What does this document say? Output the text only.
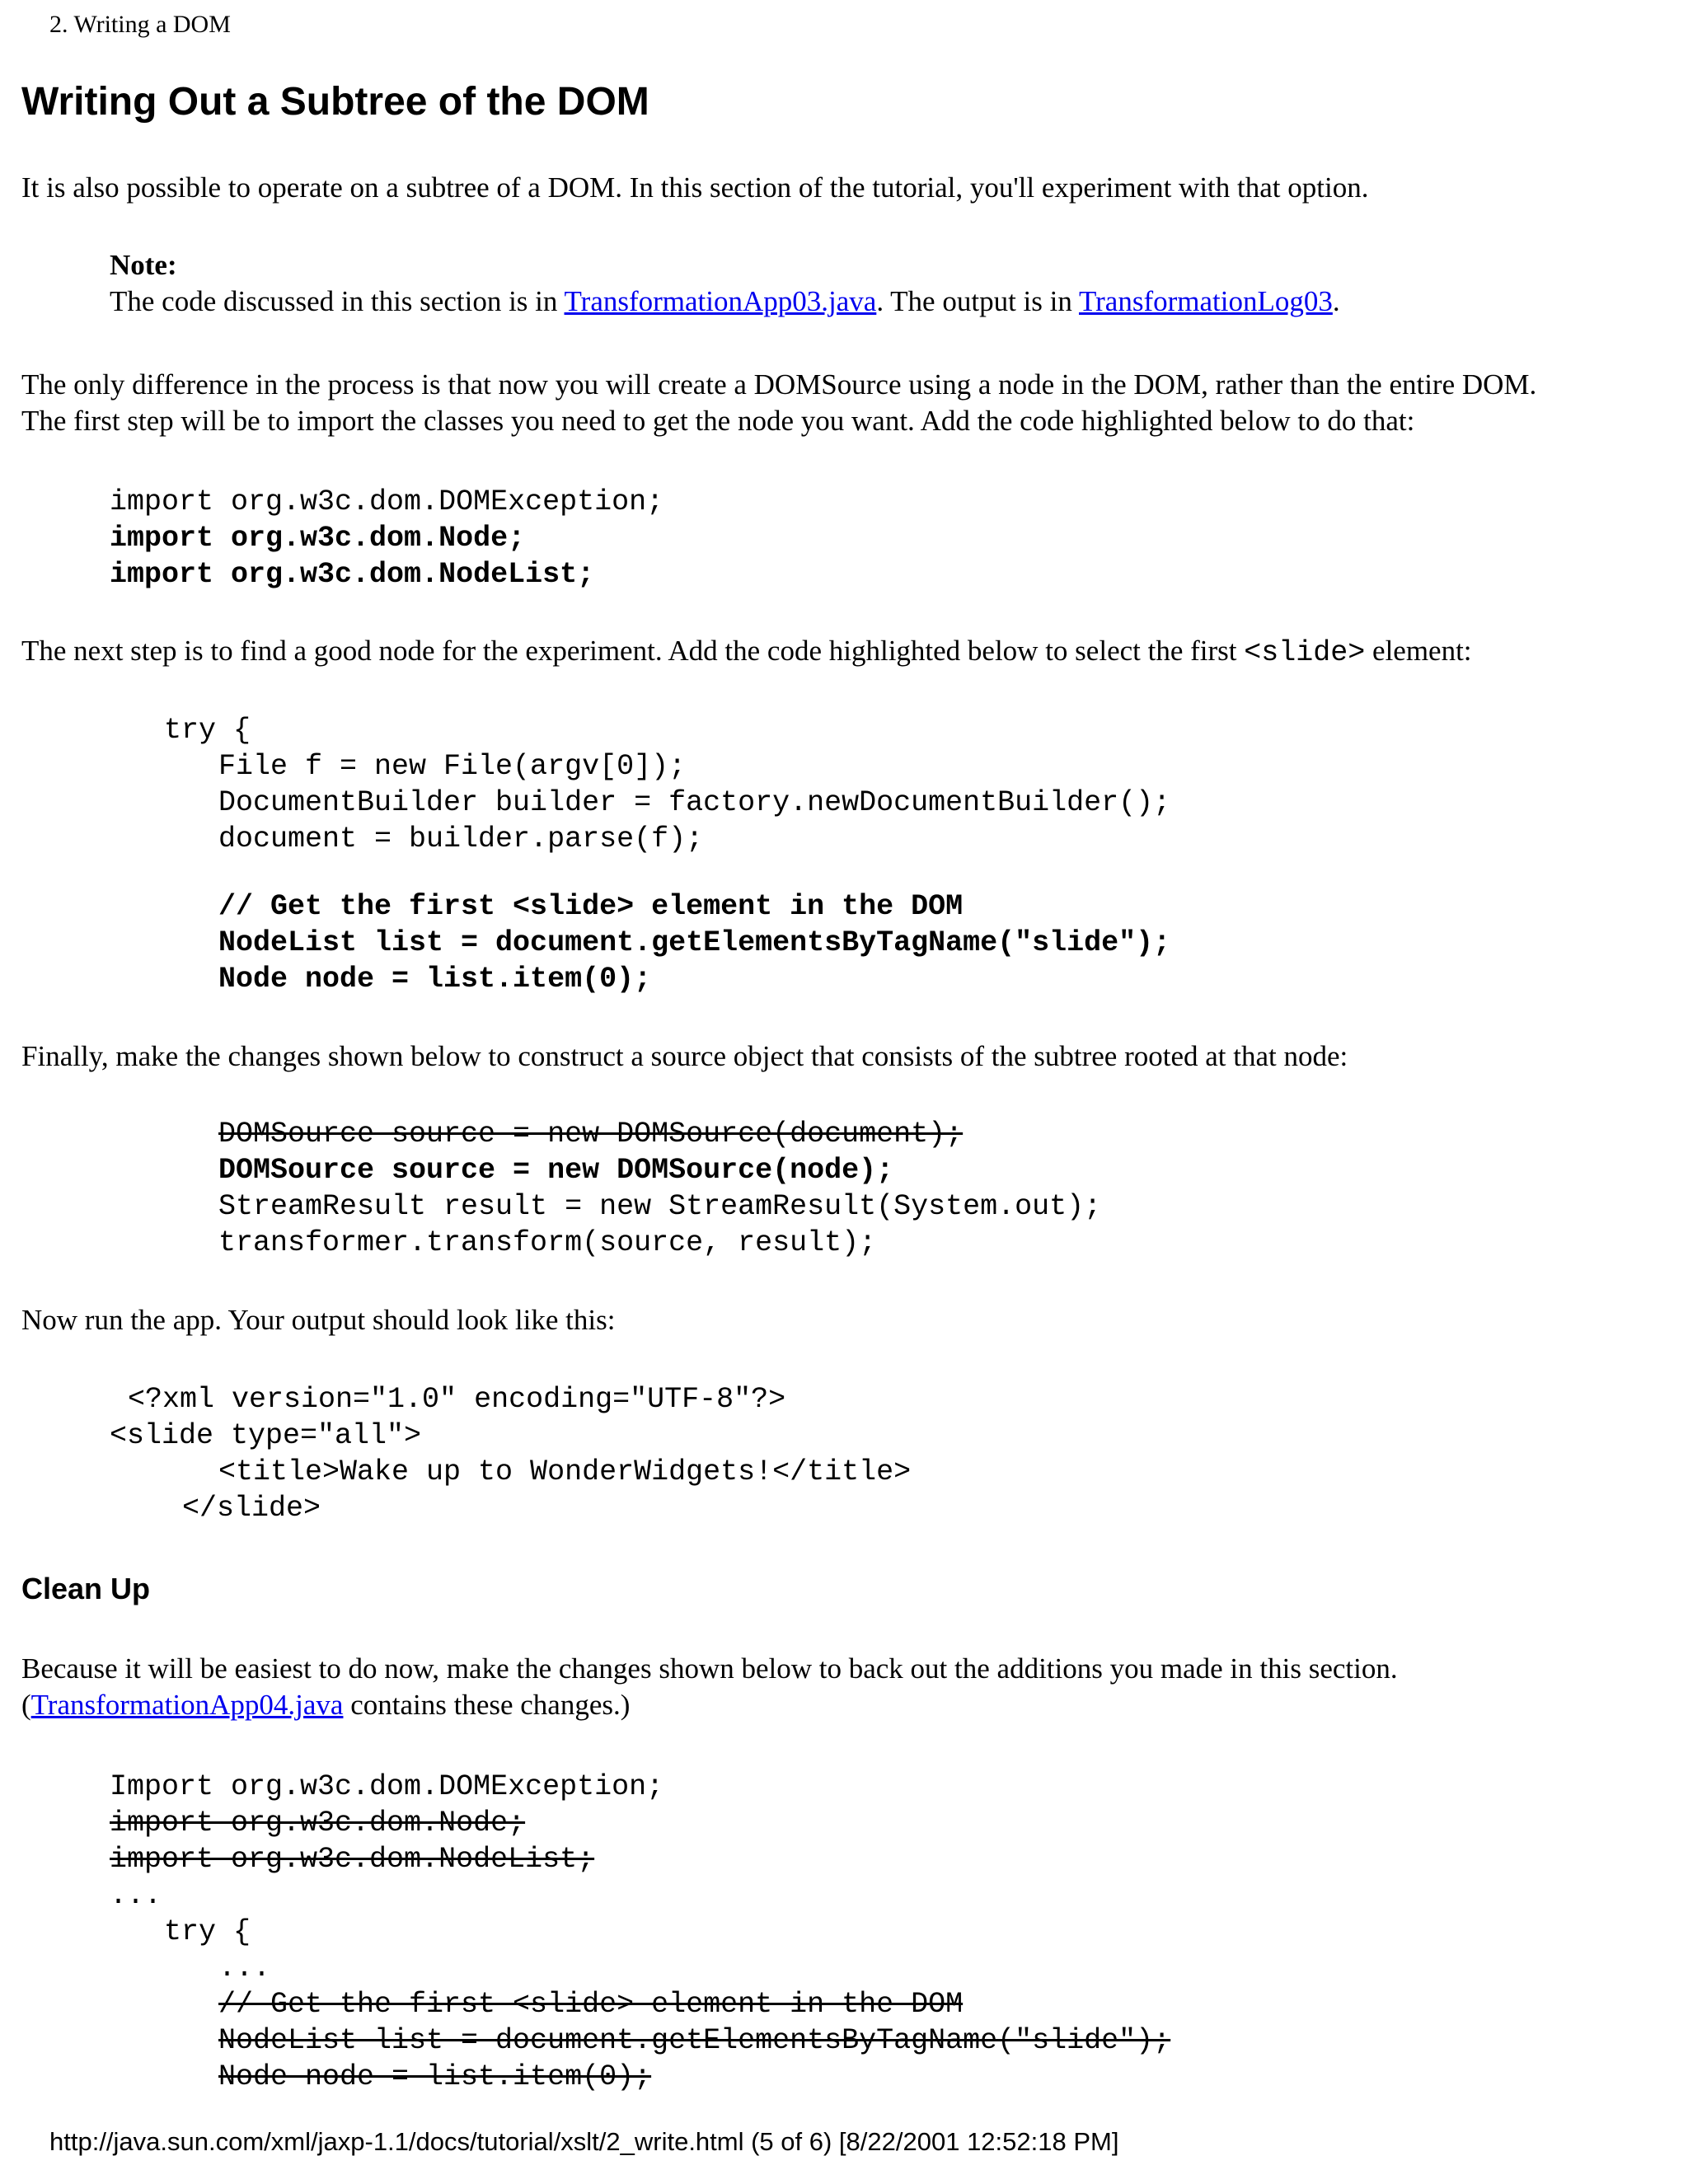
2. Writing a DOM
Writing Out a Subtree of the DOM
It is also possible to operate on a subtree of a DOM. In this section of the tutorial, you'll experiment with that option.
Note:
The code discussed in this section is in TransformationApp03.java. The output is in TransformationLog03.
The only difference in the process is that now you will create a DOMSource using a node in the DOM, rather than the entire DOM.
The first step will be to import the classes you need to get the node you want. Add the code highlighted below to do that:
import org.w3c.dom.DOMException;
import org.w3c.dom.Node;
import org.w3c.dom.NodeList;
The next step is to find a good node for the experiment. Add the code highlighted below to select the first <slide> element:
try {
File f = new File(argv[0]);
DocumentBuilder builder = factory.newDocumentBuilder();
document = builder.parse(f);
// Get the first <slide> element in the DOM
NodeList list = document.getElementsByTagName("slide");
Node node = list.item(0);
Finally, make the changes shown below to construct a source object that consists of the subtree rooted at that node:
DOMSource source = new DOMSource(document);
DOMSource source = new DOMSource(node);
StreamResult result = new StreamResult(System.out);
transformer.transform(source, result);
Now run the app. Your output should look like this:
<?xml version="1.0" encoding="UTF-8"?>
<slide type="all">
<title>Wake up to WonderWidgets!</title>
</slide>
Clean Up
Because it will be easiest to do now, make the changes shown below to back out the additions you made in this section.
(TransformationApp04.java contains these changes.)
Import org.w3c.dom.DOMException;
import org.w3c.dom.Node;
import org.w3c.dom.NodeList;
...
try {
...
// Get the first <slide> element in the DOM
NodeList list = document.getElementsByTagName("slide");
Node node = list.item(0);
http://java.sun.com/xml/jaxp-1.1/docs/tutorial/xslt/2_write.html (5 of 6) [8/22/2001 12:52:18 PM]
